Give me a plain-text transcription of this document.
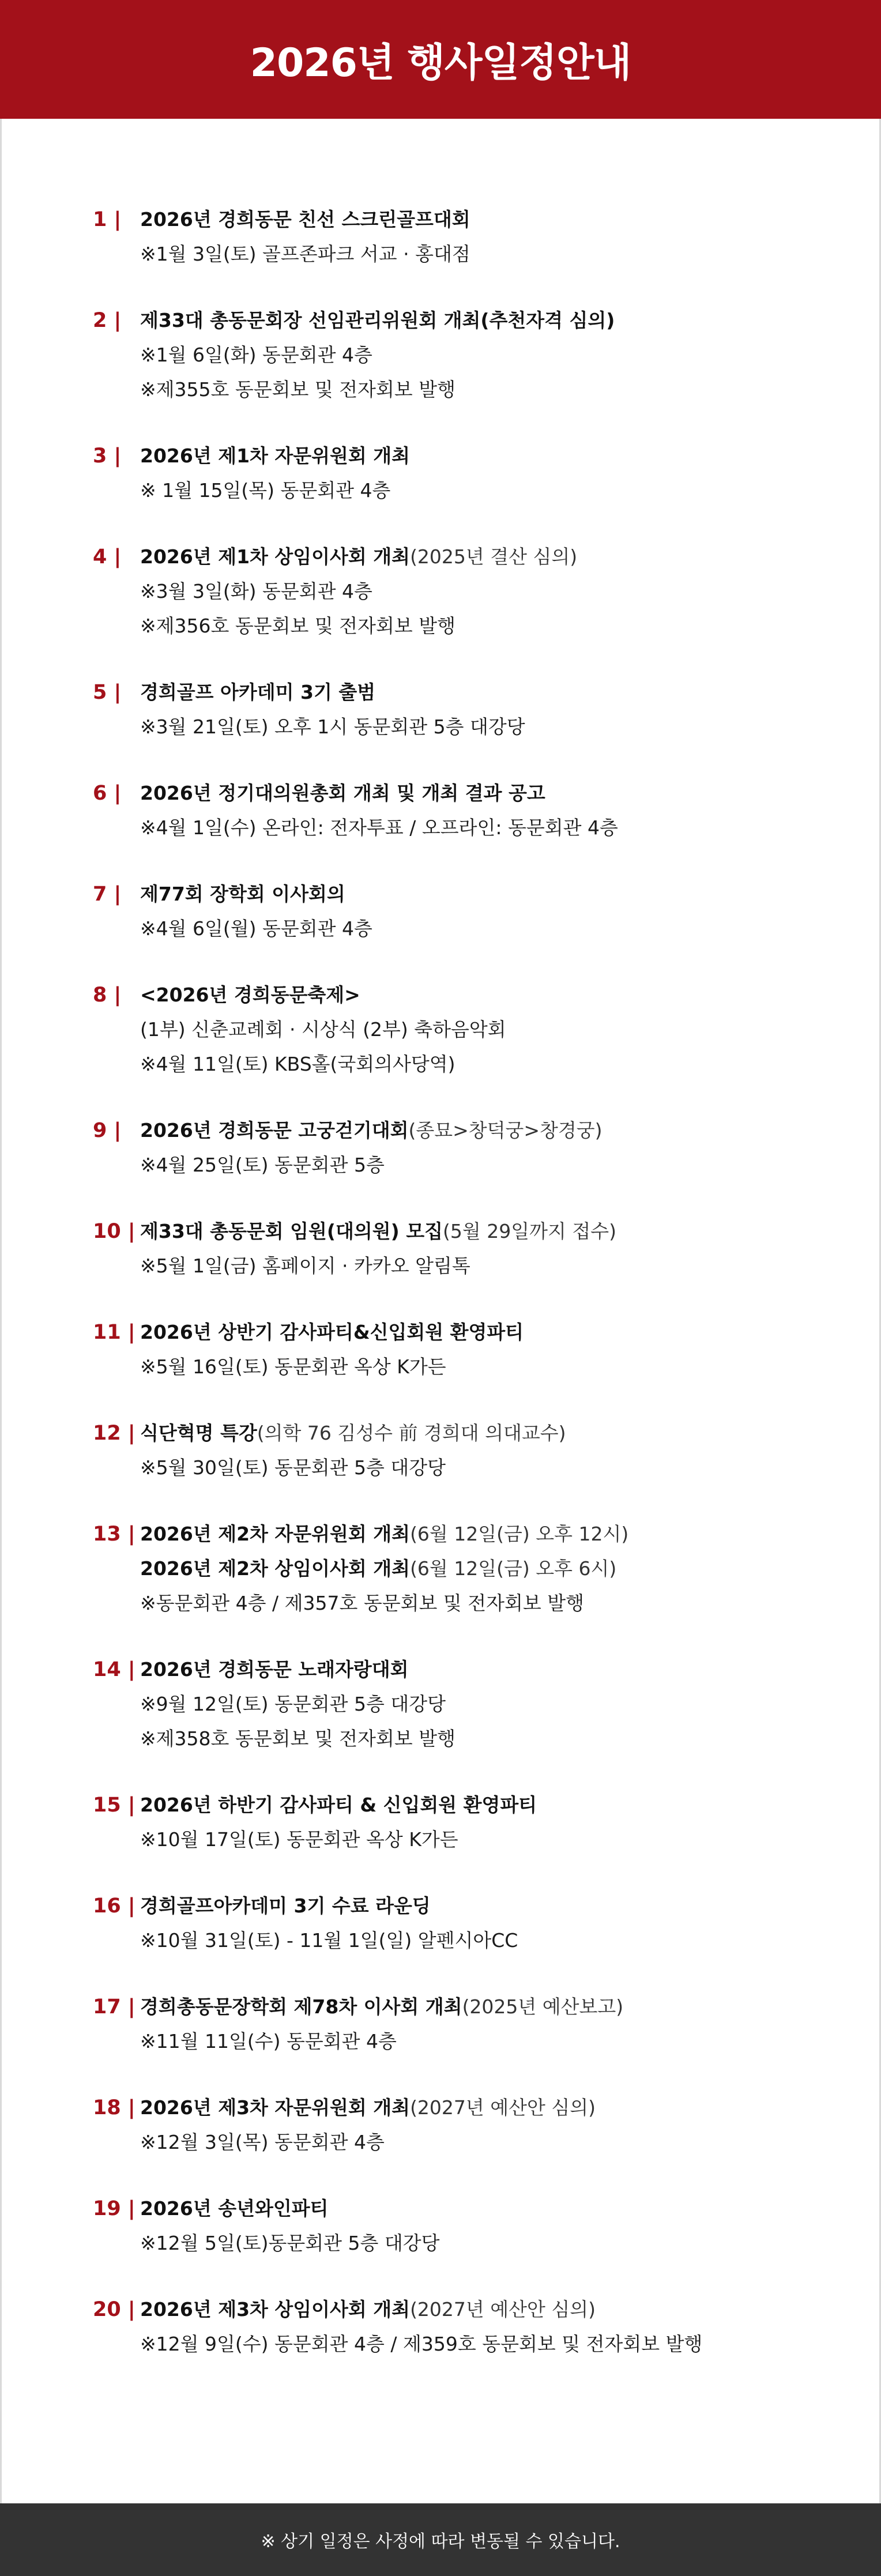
2026년 행사일정안내
1 | 2026년 경희동문 친선 스크린골프대회
※1월 3일(토) 골프존파크 서교 · 홍대점
2 | 제33대 총동문회장 선임관리위원회 개최(추천자격 심의)
※1월 6일(화) 동문회관 4층
※제355호 동문회보 및 전자회보 발행
3 | 2026년 제1차 자문위원회 개최
※ 1월 15일(목) 동문회관 4층
4 | 2026년 제1차 상임이사회 개최(2025년 결산 심의)
※3월 3일(화) 동문회관 4층
※제356호 동문회보 및 전자회보 발행
5 | 경희골프 아카데미 3기 출범
※3월 21일(토) 오후 1시 동문회관 5층 대강당
6 | 2026년 정기대의원총회 개최 및 개최 결과 공고
※4월 1일(수) 온라인: 전자투표 / 오프라인: 동문회관 4층
7 | 제77회 장학회 이사회의
※4월 6일(월) 동문회관 4층
8 | <2026년 경희동문축제>
(1부) 신춘교례회 · 시상식 (2부) 축하음악회
※4월 11일(토) KBS홀(국회의사당역)
9 | 2026년 경희동문 고궁걷기대회(종묘>창덕궁>창경궁)
※4월 25일(토) 동문회관 5층
10 | 제33대 총동문회 임원(대의원) 모집(5월 29일까지 접수)
※5월 1일(금) 홈페이지 · 카카오 알림톡
11 | 2026년 상반기 감사파티&신입회원 환영파티
※5월 16일(토) 동문회관 옥상 K가든
12 | 식단혁명 특강(의학 76 김성수 前 경희대 의대교수)
※5월 30일(토) 동문회관 5층 대강당
13 | 2026년 제2차 자문위원회 개최(6월 12일(금) 오후 12시)
2026년 제2차 상임이사회 개최(6월 12일(금) 오후 6시)
※동문회관 4층 / 제357호 동문회보 및 전자회보 발행
14 | 2026년 경희동문 노래자랑대회
※9월 12일(토) 동문회관 5층 대강당
※제358호 동문회보 및 전자회보 발행
15 | 2026년 하반기 감사파티 & 신입회원 환영파티
※10월 17일(토) 동문회관 옥상 K가든
16 | 경희골프아카데미 3기 수료 라운딩
※10월 31일(토) - 11월 1일(일) 알펜시아CC
17 | 경희총동문장학회 제78차 이사회 개최(2025년 예산보고)
※11월 11일(수) 동문회관 4층
18 | 2026년 제3차 자문위원회 개최(2027년 예산안 심의)
※12월 3일(목) 동문회관 4층
19 | 2026년 송년와인파티
※12월 5일(토)동문회관 5층 대강당
20 | 2026년 제3차 상임이사회 개최(2027년 예산안 심의)
※12월 9일(수) 동문회관 4층 / 제359호 동문회보 및 전자회보 발행
※ 상기 일정은 사정에 따라 변동될 수 있습니다.
